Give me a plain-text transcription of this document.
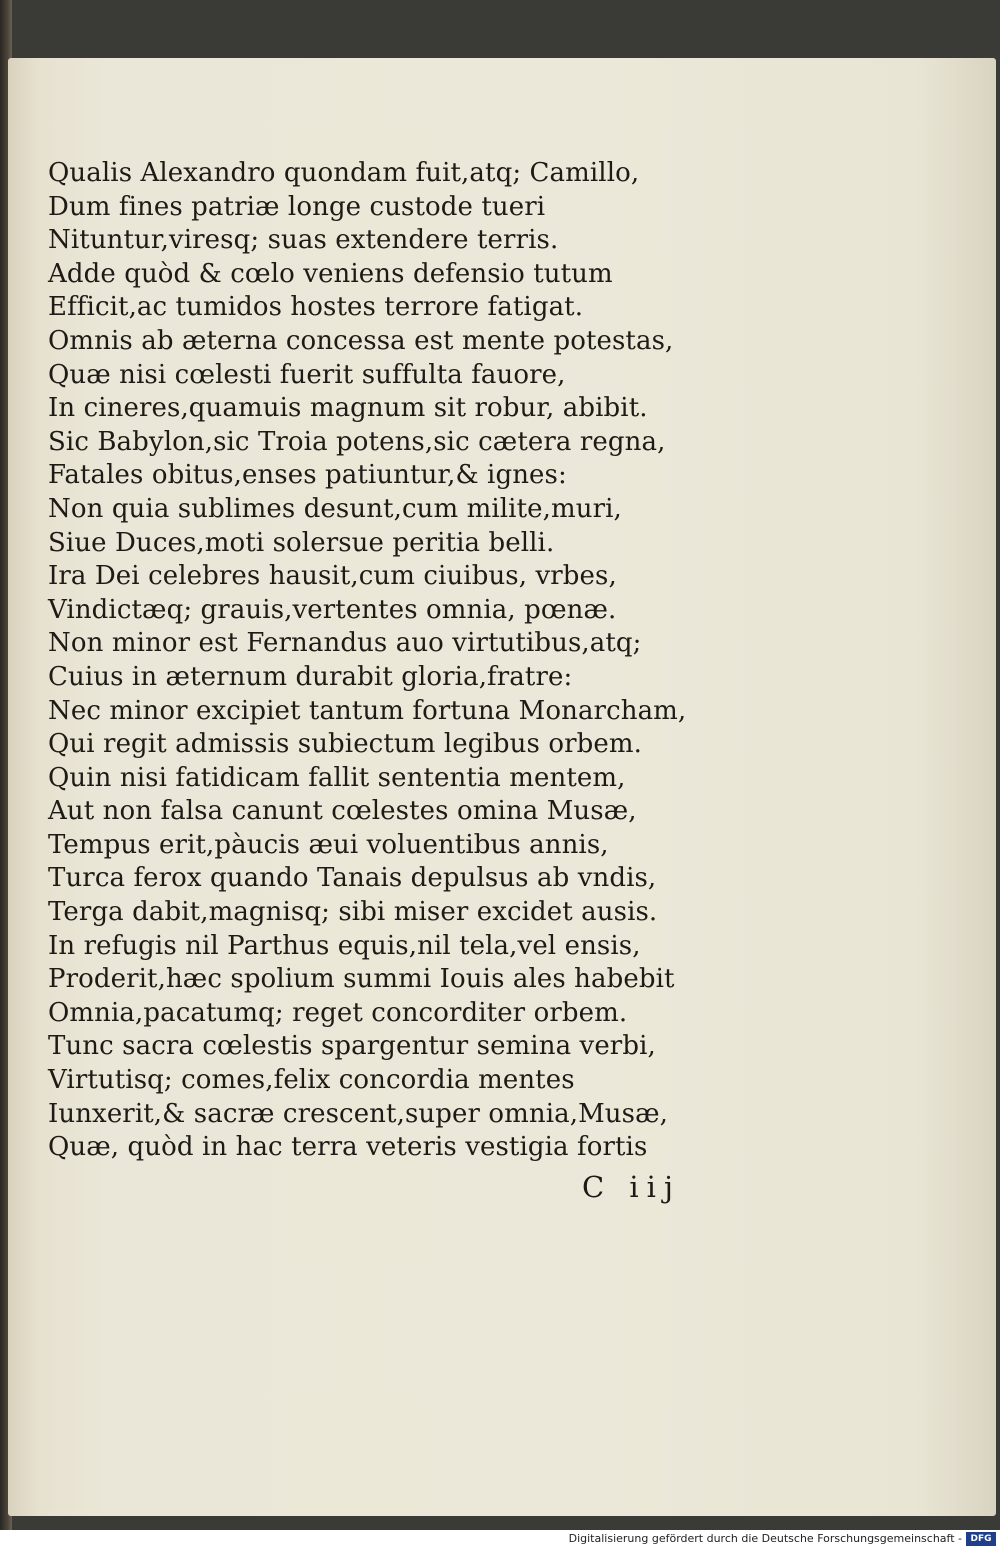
Qualis Alexandro quondam fuit,atq; Camillo,
Dum fines patriæ longe custode tueri
Nituntur,viresq; suas extendere terris.
Adde quòd & cœlo veniens defensio tutum
Efficit,ac tumidos hostes terrore fatigat.
Omnis ab æterna concessa est mente potestas,
Quæ nisi cœlesti fuerit suffulta fauore,
In cineres,quamuis magnum sit robur, abibit.
Sic Babylon,sic Troia potens,sic cætera regna,
Fatales obitus,enses patiuntur,& ignes:
Non quia sublimes desunt,cum milite,muri,
Siue Duces,moti solersue peritia belli.
Ira Dei celebres hausit,cum ciuibus, vrbes,
Vindictæq; grauis,vertentes omnia, pœnæ.
Non minor est Fernandus auo virtutibus,atq;
Cuius in æternum durabit gloria,fratre:
Nec minor excipiet tantum fortuna Monarcham,
Qui regit admissis subiectum legibus orbem.
Quin nisi fatidicam fallit sententia mentem,
Aut non falsa canunt cœlestes omina Musæ,
Tempus erit,pàucis æui voluentibus annis,
Turca ferox quando Tanais depulsus ab vndis,
Terga dabit,magnisq; sibi miser excidet ausis.
In refugis nil Parthus equis,nil tela,vel ensis,
Proderit,hæc spolium summi Iouis ales habebit
Omnia,pacatumq; reget concorditer orbem.
Tunc sacra cœlestis spargentur semina verbi,
Virtutisq; comes,felix concordia mentes
Iunxerit,& sacræ crescent,super omnia,Musæ,
Quæ, quòd in hac terra veteris vestigia fortis
C iij
Digitalisierung gefördert durch die Deutsche Forschungsgemeinschaft - DFG
